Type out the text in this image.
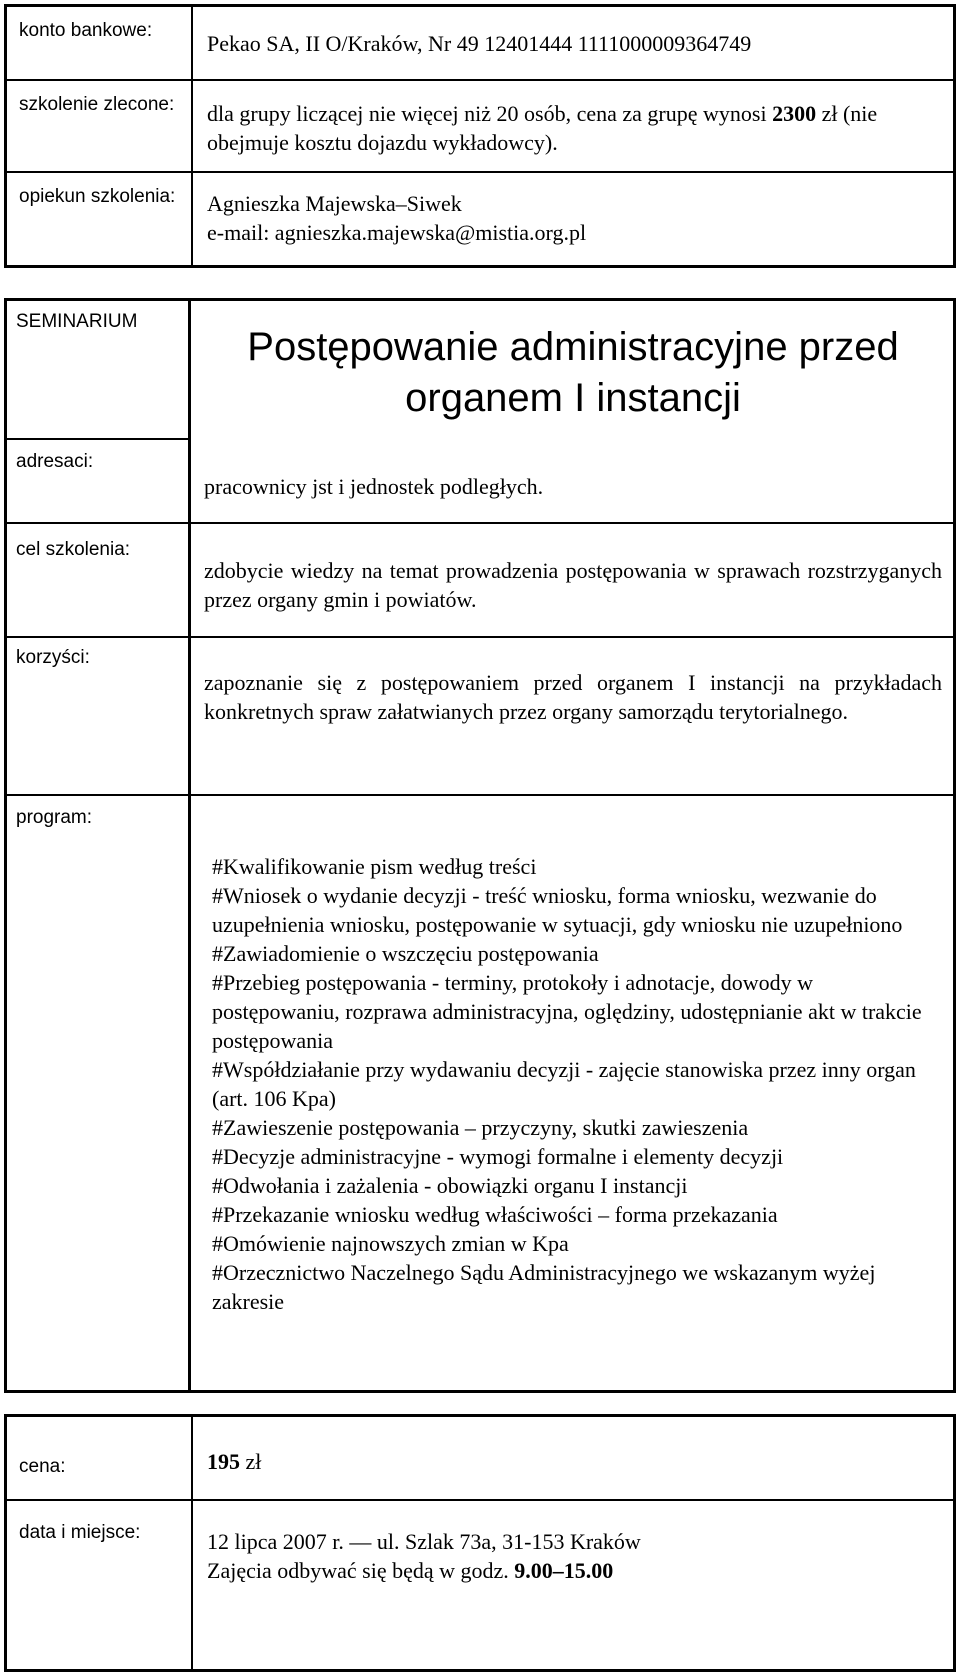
konto bankowe:
Pekao SA, II O/Kraków, Nr 49 12401444 1111000009364749
szkolenie zlecone:	dla grupy liczącej nie więcej niż 20 osób, cena za grupę wynosi 2300 zł (nie obejmuje kosztu dojazdu wykładowcy).
opiekun szkolenia:	Agnieszka Majewska–Siwek
e-mail: agnieszka.majewska@mistia.org.pl
SEMINARIUM
Postępowanie administracyjne przed
organem I instancji
adresaci:
pracownicy jst i jednostek podległych.
cel szkolenia:
zdobycie wiedzy na temat prowadzenia postępowania w sprawach rozstrzyganych przez organy gmin i powiatów.
korzyści:
zapoznanie się z postępowaniem przed organem I instancji na przykładach konkretnych spraw załatwianych przez organy samorządu terytorialnego.
program:
#Kwalifikowanie pism według treści
#Wniosek o wydanie decyzji - treść wniosku, forma wniosku, wezwanie do uzupełnienia wniosku, postępowanie w sytuacji, gdy wniosku nie uzupełniono
#Zawiadomienie o wszczęciu postępowania
#Przebieg postępowania - terminy, protokoły i adnotacje, dowody w postępowaniu, rozprawa administracyjna, oględziny, udostępnianie akt w trakcie postępowania
#Współdziałanie przy wydawaniu decyzji - zajęcie stanowiska przez inny organ (art. 106 Kpa)
#Zawieszenie postępowania – przyczyny, skutki zawieszenia
#Decyzje administracyjne - wymogi formalne i elementy decyzji
#Odwołania i zażalenia - obowiązki organu I instancji
#Przekazanie wniosku według właściwości – forma przekazania
#Omówienie najnowszych zmian w Kpa
#Orzecznictwo Naczelnego Sądu Administracyjnego we wskazanym wyżej zakresie
cena:	195 zł
data i miejsce:	12 lipca 2007 r. — ul. Szlak 73a, 31-153 Kraków
Zajęcia odbywać się będą w godz. 9.00–15.00
